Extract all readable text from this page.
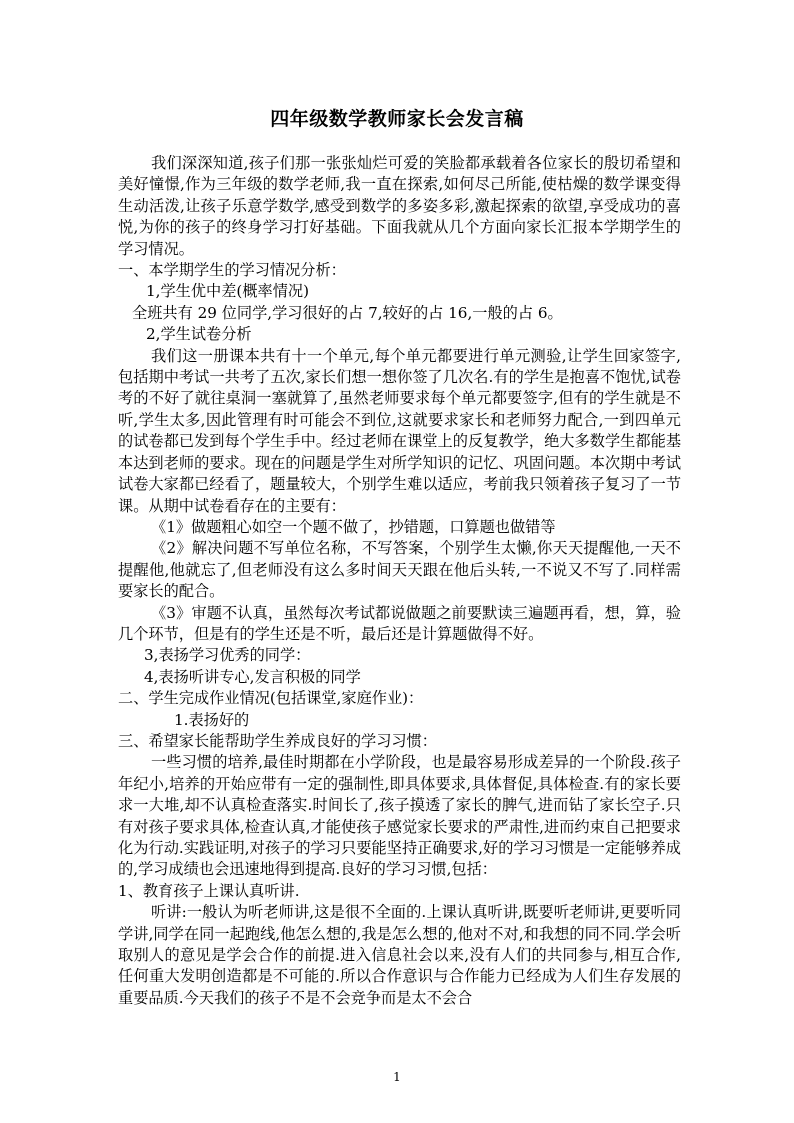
四年级数学教师家长会发言稿

我们深深知道,孩子们那一张张灿烂可爱的笑脸都承载着各位家长的殷切希望和美好憧憬,作为三年级的数学老师,我一直在探索,如何尽己所能,使枯燥的数学课变得生动活泼,让孩子乐意学数学,感受到数学的多姿多彩,激起探索的欲望,享受成功的喜悦,为你的孩子的终身学习打好基础。下面我就从几个方面向家长汇报本学期学生的学习情况。

一、本学期学生的学习情况分析：

1,学生优中差(概率情况)

全班共有 29 位同学,学习很好的占 7,较好的占 16,一般的占 6。

2,学生试卷分析

我们这一册课本共有十一个单元,每个单元都要进行单元测验,让学生回家签字,包括期中考试一共考了五次,家长们想一想你签了几次名.有的学生是抱喜不饱忧,试卷考的不好了就往桌洞一塞就算了,虽然老师要求每个单元都要签字,但有的学生就是不听,学生太多,因此管理有时可能会不到位,这就要求家长和老师努力配合,一到四单元的试卷都已发到每个学生手中。经过老师在课堂上的反复教学，绝大多数学生都能基本达到老师的要求。现在的问题是学生对所学知识的记忆、巩固问题。本次期中考试试卷大家都已经看了，题量较大，个别学生难以适应，考前我只领着孩子复习了一节课。从期中试卷看存在的主要有：

《1》做题粗心如空一个题不做了，抄错题，口算题也做错等

《2》解决问题不写单位名称，不写答案，个别学生太懒,你天天提醒他,一天不提醒他,他就忘了,但老师没有这么多时间天天跟在他后头转,一不说又不写了.同样需要家长的配合。

《3》审题不认真，虽然每次考试都说做题之前要默读三遍题再看，想，算，验几个环节，但是有的学生还是不听，最后还是计算题做得不好。

3,表扬学习优秀的同学：

4,表扬听讲专心,发言积极的同学

二、学生完成作业情况(包括课堂,家庭作业)：

1.表扬好的

三、希望家长能帮助学生养成良好的学习习惯：

一些习惯的培养,最佳时期都在小学阶段，也是最容易形成差异的一个阶段.孩子年纪小,培养的开始应带有一定的强制性,即具体要求,具体督促,具体检查.有的家长要求一大堆,却不认真检查落实.时间长了,孩子摸透了家长的脾气,进而钻了家长空子.只有对孩子要求具体,检查认真,才能使孩子感觉家长要求的严肃性,进而约束自己把要求化为行动.实践证明,对孩子的学习只要能坚持正确要求,好的学习习惯是一定能够养成的,学习成绩也会迅速地得到提高.良好的学习习惯,包括：

1、教育孩子上课认真听讲.

听讲:一般认为听老师讲,这是很不全面的.上课认真听讲,既要听老师讲,更要听同学讲,同学在同一起跑线,他怎么想的,我是怎么想的,他对不对,和我想的同不同.学会听取别人的意见是学会合作的前提.进入信息社会以来,没有人们的共同参与,相互合作,任何重大发明创造都是不可能的.所以合作意识与合作能力已经成为人们生存发展的重要品质.今天我们的孩子不是不会竞争而是太不会合

1
